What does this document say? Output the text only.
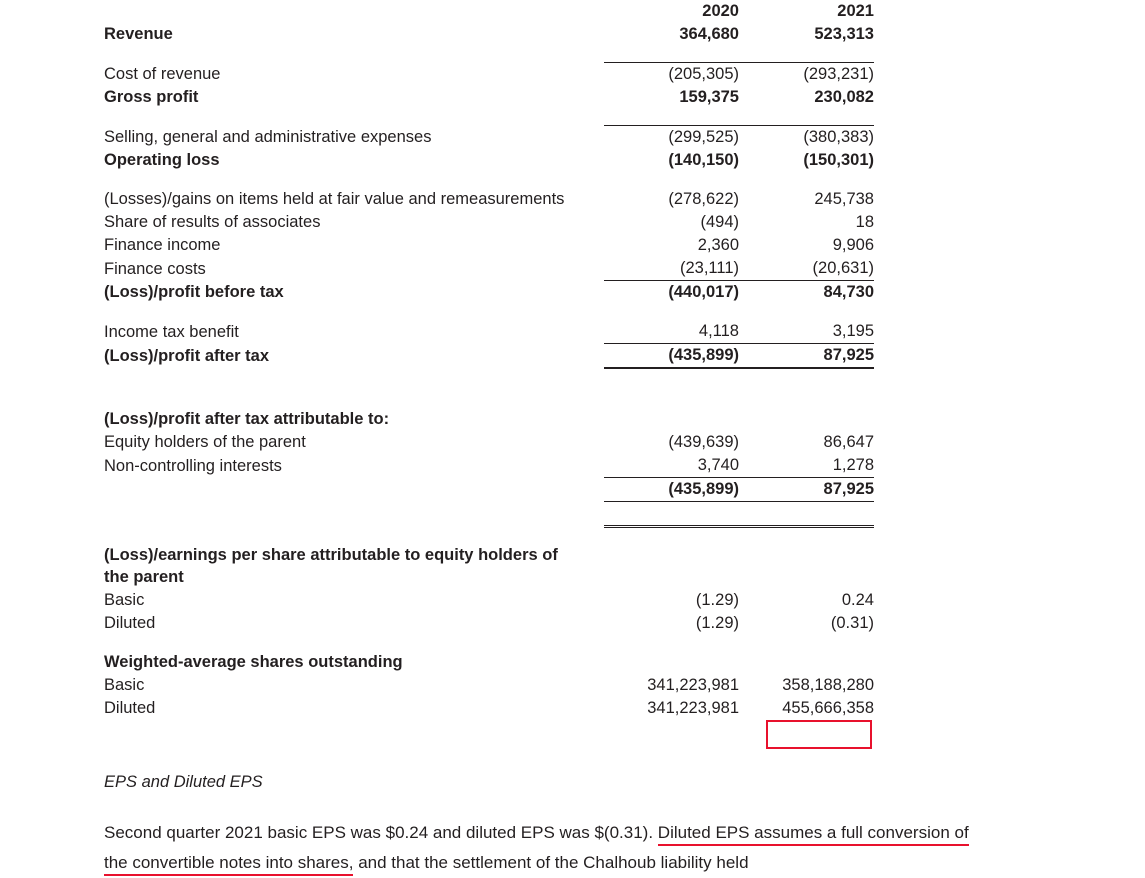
	2020	2021
Revenue	364,680	523,313

Cost of revenue	(205,305)	(293,231)
Gross profit	159,375	230,082

Selling, general and administrative expenses	(299,525)	(380,383)
Operating loss	(140,150)	(150,301)

(Losses)/gains on items held at fair value and remeasurements	(278,622)	245,738
Share of results of associates	(494)	18
Finance income	2,360	9,906
Finance costs	(23,111)	(20,631)
(Loss)/profit before tax	(440,017)	84,730

Income tax benefit	4,118	3,195
(Loss)/profit after tax	(435,899)	87,925

(Loss)/profit after tax attributable to:		
Equity holders of the parent	(439,639)	86,647
Non-controlling interests	3,740	1,278
	(435,899)	87,925

(Loss)/earnings per share attributable to equity holders of the parent		
Basic	(1.29)	0.24
Diluted	(1.29)	(0.31)

Weighted-average shares outstanding		
Basic	341,223,981	358,188,280
Diluted	341,223,981	455,666,358
EPS and Diluted EPS
Second quarter 2021 basic EPS was $0.24 and diluted EPS was $(0.31). Diluted EPS assumes a full conversion of the convertible notes into shares, and that the settlement of the Chalhoub liability held
